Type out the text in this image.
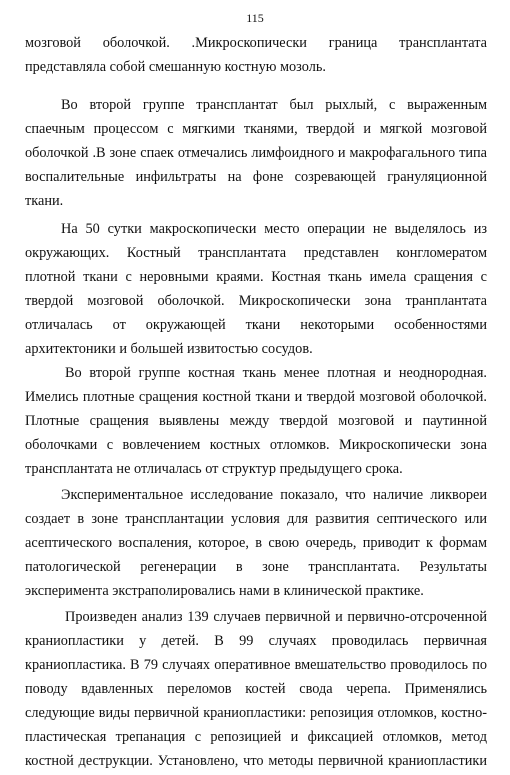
115
мозговой оболочкой. .Микроскопически граница трансплантата
представляла собой смешанную костную мозоль.
Во второй группе трансплантат был рыхлый, с выраженным
спаечным процессом с мягкими тканями, твердой и мягкой мозговой
оболочкой .В зоне спаек отмечались лимфоидного и макрофагального типа
воспалительные инфильтраты на фоне созревающей грануляционной
ткани.
На 50 сутки макроскопически место операции не выделялось из
окружающих. Костный трансплантата представлен конгломератом
плотной ткани с неровными краями. Костная ткань имела сращения с
твердой мозговой оболочкой. Микроскопически зона транплантата
отличалась от окружающей ткани некоторыми особенностями
архитектоники и большей извитостью сосудов.
Во второй группе костная ткань менее плотная и неоднородная.
Имелись плотные сращения костной ткани и твердой мозговой оболочкой.
Плотные сращения выявлены между твердой мозговой и паутинной
оболочками с вовлечением костных отломков. Микроскопически зона
трансплантата не отличалась от структур предыдущего срока.
Экспериментальное исследование показало, что наличие ликвореи
создает в зоне трансплантации условия для развития септического или
асептического воспаления, которое, в свою очередь, приводит к формам
патологической регенерации в зоне трансплантата. Результаты
эксперимента экстраполировались нами в клинической практике.
Произведен анализ 139 случаев первичной и первично-отсроченной
краниопластики у детей. В 99 случаях проводилась первичная
краниопластика. В 79 случаях оперативное вмешательство проводилось по
поводу вдавленных переломов костей свода черепа. Применялись
следующие виды первичной краниопластики: репозиция отломков, костно-
пластическая трепанация с репозицией и фиксацией отломков, метод
костной деструкции. Установлено, что методы первичной краниопластики
